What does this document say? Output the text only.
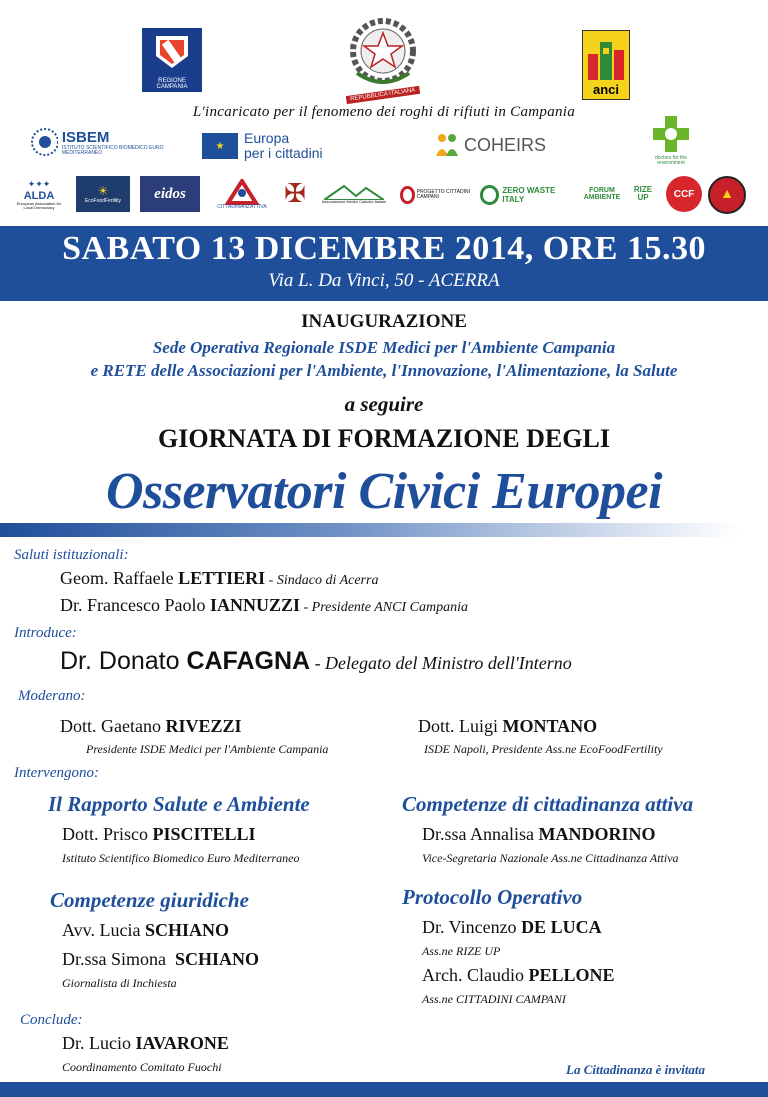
REGIONE CAMPANIA
REPUBBLICA ITALIANA	anci
L'incaricato per il fenomeno dei roghi di rifiuti in Campania
ISBEM
ISTITUTO SCIENTIFICO BIOMEDICO EURO MEDITERRANEO
★	Europa
per i cittadini	COHEIRS
doctors for the environment
✦✦✦
ALDA
European Association for Local Democracy
☀
EcoFoodFertility eidos
CITTADINANZATTIVA ✠	Associazione Medici Cattolici Italiani
PROGETTO CITTADINI CAMPANI
ZERO WASTE ITALY
FORUM AMBIENTE
RIZE UP	CCF ▲
SABATO 13 DICEMBRE 2014, ORE 15.30
Via L. Da Vinci, 50 - ACERRA
INAUGURAZIONE
Sede Operativa Regionale ISDE Medici per l'Ambiente Campania
e RETE delle Associazioni per l'Ambiente, l'Innovazione, l'Alimentazione, la Salute
a seguire
GIORNATA DI FORMAZIONE DEGLI
Osservatori Civici Europei
Saluti istituzionali:
Geom. Raffaele LETTIERI - Sindaco di Acerra
Dr. Francesco Paolo IANNUZZI - Presidente ANCI Campania
Introduce:
Dr. Donato CAFAGNA - Delegato del Ministro dell'Interno
Moderano:
Dott. Gaetano RIVEZZI
Presidente ISDE Medici per l'Ambiente Campania
Dott. Luigi MONTANO
ISDE Napoli, Presidente Ass.ne EcoFoodFertility
Intervengono:
Il Rapporto Salute e Ambiente
Dott. Prisco PISCITELLI
Istituto Scientifico Biomedico Euro Mediterraneo
Competenze di cittadinanza attiva
Dr.ssa Annalisa MANDORINO
Vice-Segretaria Nazionale Ass.ne Cittadinanza Attiva
Competenze giuridiche
Avv. Lucia SCHIANO
Dr.ssa Simona  SCHIANO
Giornalista di Inchiesta
Protocollo Operativo
Dr. Vincenzo DE LUCA
Ass.ne RIZE UP
Arch. Claudio PELLONE
Ass.ne CITTADINI CAMPANI
Conclude:
Dr. Lucio IAVARONE
Coordinamento Comitato Fuochi	La Cittadinanza è invitata
